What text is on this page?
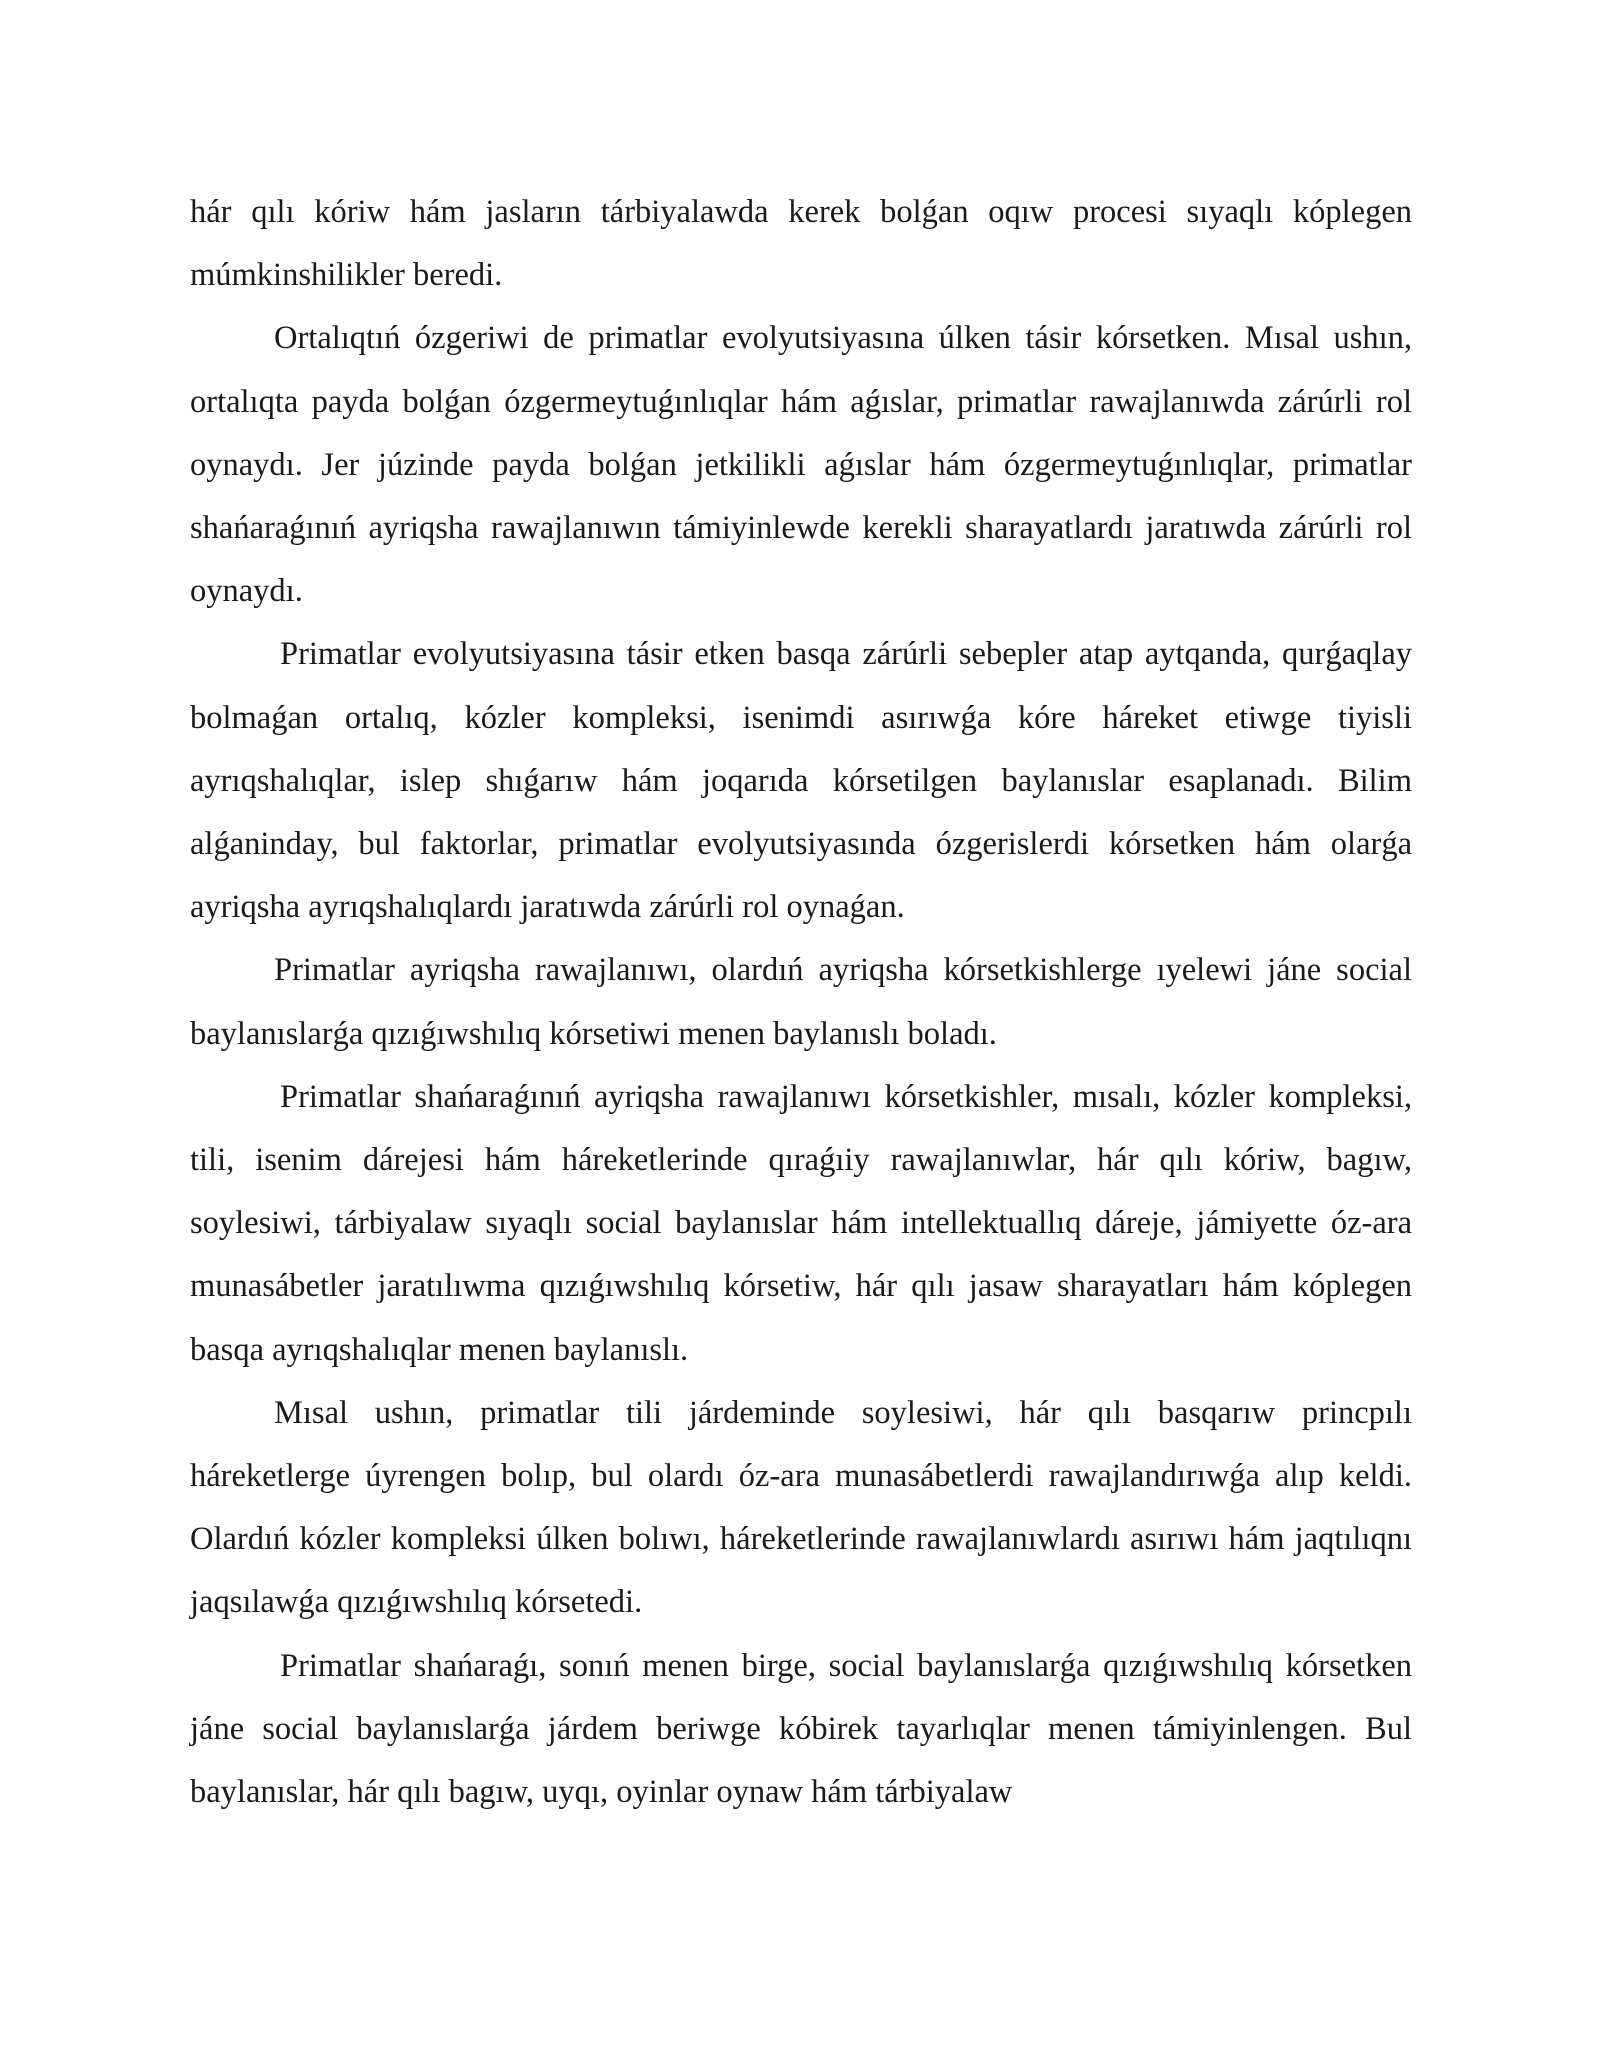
hár qılı kóriw hám jasların tárbiyalawda kerek bolǵan oqıw procesi sıyaqlı kóplegen múmkinshilikler beredi.

Ortalıqtıń ózgeriwi de primatlar evolyutsiyasına úlken tásir kórsetken. Mısal ushın, ortalıqta payda bolǵan ózgermeytuǵınlıqlar hám aǵıslar, primatlar rawajlanıwda zárúrli rol oynaydı. Jer júzinde payda bolǵan jetkilikli aǵıslar hám ózgermeytuǵınlıqlar, primatlar shańaraǵınıń ayriqsha rawajlanıwın támiyinlewde kerekli sharayatlardı jaratıwda zárúrli rol oynaydı.

Primatlar evolyutsiyasına tásir etken basqa zárúrli sebepler atap aytqanda, qurǵaqlay bolmaǵan ortalıq, kózler kompleksi, isenimdi asırıwǵa kóre háreket etiwge tiyisli ayrıqshalıqlar, islep shıǵarıw hám joqarıda kórsetilgen baylanıslar esaplanadı. Bilim alǵaninday, bul faktorlar, primatlar evolyutsiyasında ózgerislerdi kórsetken hám olarǵa ayriqsha ayrıqshalıqlardı jaratıwda zárúrli rol oynaǵan.

Primatlar ayriqsha rawajlanıwı, olardıń ayriqsha kórsetkishlerge ıyelewi jáne social baylanıslarǵa qızıǵıwshılıq kórsetiwi menen baylanıslı boladı.

Primatlar shańaraǵınıń ayriqsha rawajlanıwı kórsetkishler, mısalı, kózler kompleksi, tili, isenim dárejesi hám háreketlerinde qıraǵıiy rawajlanıwlar, hár qılı kóriw, bagıw, soylesiwi, tárbiyalaw sıyaqlı social baylanıslar hám intellektuallıq dáreje, jámiyette óz-ara munasábetler jaratılıwma qızıǵıwshılıq kórsetiw, hár qılı jasaw sharayatları hám kóplegen basqa ayrıqshalıqlar menen baylanıslı.

Mısal ushın, primatlar tili járdeminde soylesiwi, hár qılı basqarıw princpılı háreketlerge úyrengen bolıp, bul olardı óz-ara munasábetlerdi rawajlandırıwǵa alıp keldi. Olardıń kózler kompleksi úlken bolıwı, háreketlerinde rawajlanıwlardı asırıwı hám jaqtılıqnı jaqsılawǵa qızıǵıwshılıq kórsetedi.

Primatlar shańaraǵı, sonıń menen birge, social baylanıslarǵa qızıǵıwshılıq kórsetken jáne social baylanıslarǵa járdem beriwge kóbirek tayarlıqlar menen támiyinlengen. Bul baylanıslar, hár qılı bagıw, uyqı, oyinlar oynaw hám tárbiyalaw
